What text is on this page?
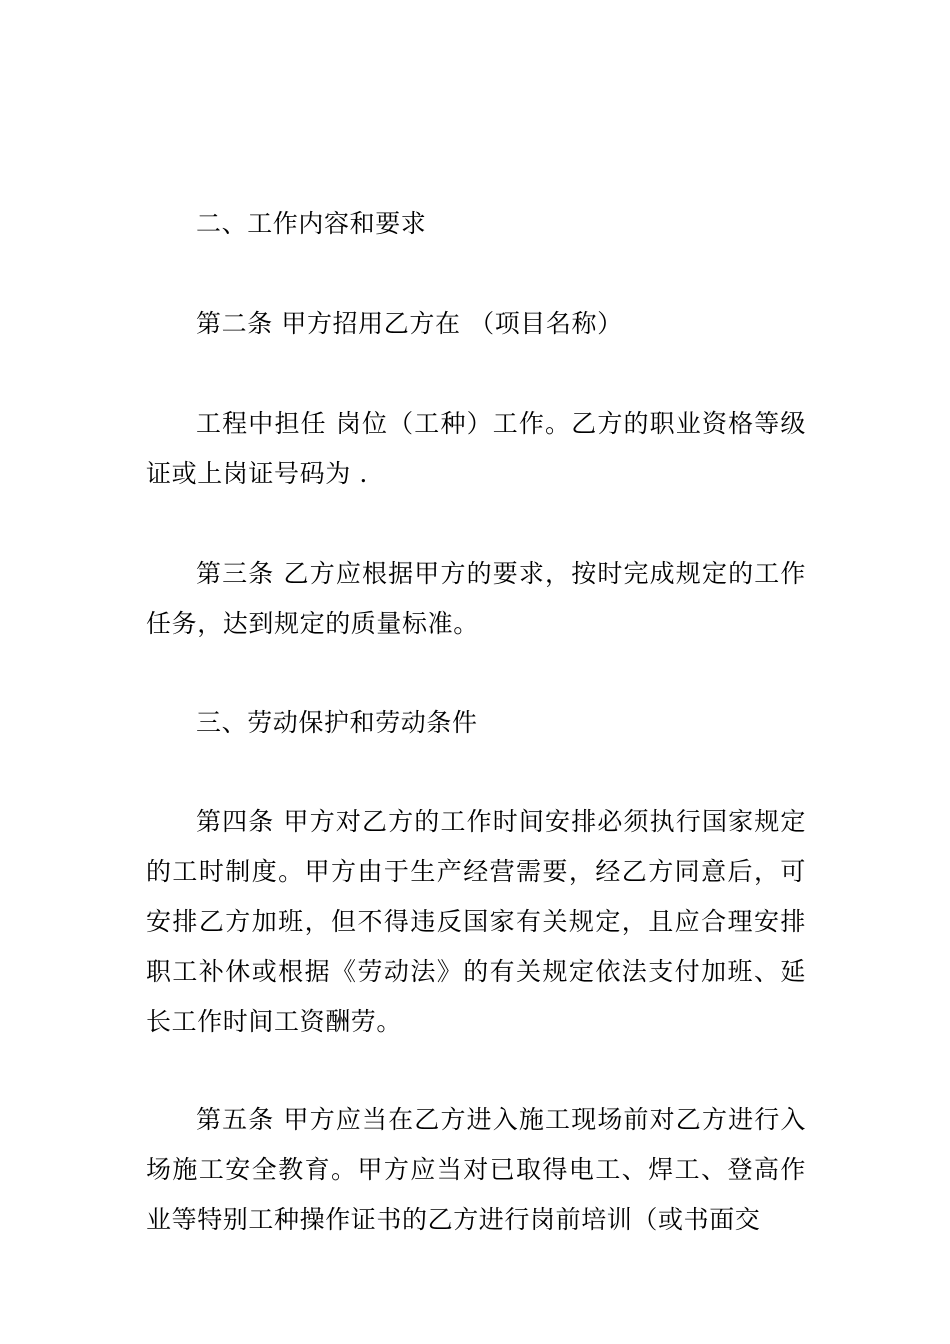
二、工作内容和要求

第二条 甲方招用乙方在 （项目名称）

工程中担任 岗位（工种）工作。乙方的职业资格等级证或上岗证号码为 .

第三条 乙方应根据甲方的要求，按时完成规定的工作任务，达到规定的质量标准。

三、劳动保护和劳动条件

第四条 甲方对乙方的工作时间安排必须执行国家规定的工时制度。甲方由于生产经营需要，经乙方同意后，可安排乙方加班，但不得违反国家有关规定，且应合理安排职工补休或根据《劳动法》的有关规定依法支付加班、延长工作时间工资酬劳。

第五条 甲方应当在乙方进入施工现场前对乙方进行入场施工安全教育。甲方应当对已取得电工、焊工、登高作业等特别工种操作证书的乙方进行岗前培训（或书面交
